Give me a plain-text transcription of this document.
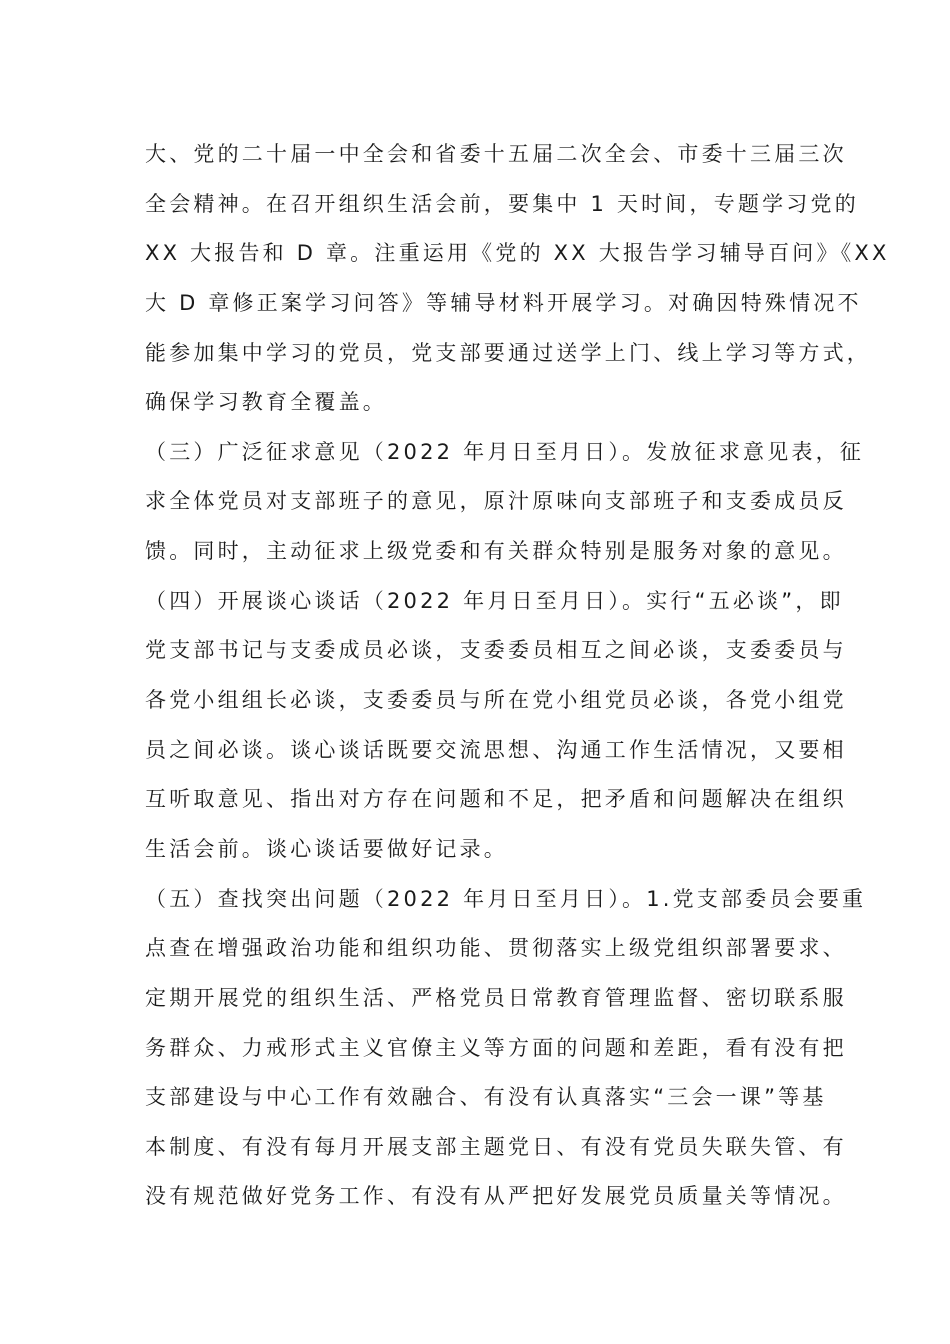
大、党的二十届一中全会和省委十五届二次全会、市委十三届三次
全会精神。在召开组织生活会前，要集中 1 天时间，专题学习党的
XX 大报告和 D 章。注重运用《党的 XX 大报告学习辅导百问》《XX
大 D 章修正案学习问答》等辅导材料开展学习。对确因特殊情况不
能参加集中学习的党员，党支部要通过送学上门、线上学习等方式，
确保学习教育全覆盖。
（三）广泛征求意见（2022 年月日至月日）。发放征求意见表，征
求全体党员对支部班子的意见，原汁原味向支部班子和支委成员反
馈。同时，主动征求上级党委和有关群众特别是服务对象的意见。
（四）开展谈心谈话（2022 年月日至月日）。实行“五必谈”，即
党支部书记与支委成员必谈，支委委员相互之间必谈，支委委员与
各党小组组长必谈，支委委员与所在党小组党员必谈，各党小组党
员之间必谈。谈心谈话既要交流思想、沟通工作生活情况，又要相
互听取意见、指出对方存在问题和不足，把矛盾和问题解决在组织
生活会前。谈心谈话要做好记录。
（五）查找突出问题（2022 年月日至月日）。1.党支部委员会要重
点查在增强政治功能和组织功能、贯彻落实上级党组织部署要求、
定期开展党的组织生活、严格党员日常教育管理监督、密切联系服
务群众、力戒形式主义官僚主义等方面的问题和差距，看有没有把
支部建设与中心工作有效融合、有没有认真落实“三会一课”等基
本制度、有没有每月开展支部主题党日、有没有党员失联失管、有
没有规范做好党务工作、有没有从严把好发展党员质量关等情况。
